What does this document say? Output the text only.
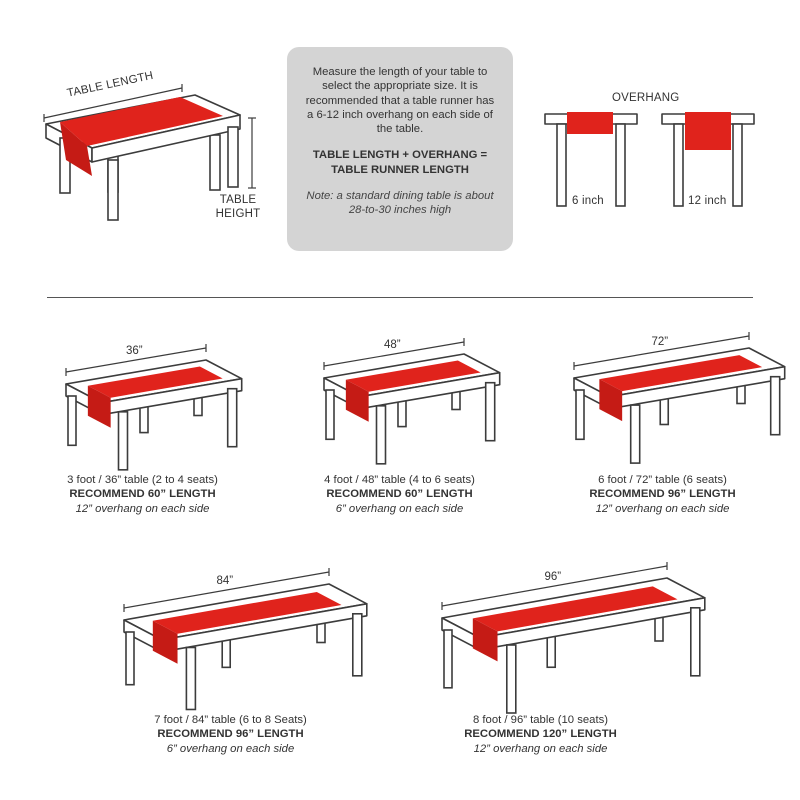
TABLE LENGTH
TABLE
HEIGHT
Measure the length of your table to select the appropriate size. It is recommended that a table runner has a 6-12 inch overhang on each side of the table.
TABLE LENGTH + OVERHANG =
TABLE RUNNER LENGTH
Note: a standard dining table is about 28-to-30 inches high
OVERHANG
6 inch	12 inch
36”	48”	72”
84”	96”
3 foot / 36” table (2 to 4 seats)
RECOMMEND 60” LENGTH
12” overhang on each side
4 foot / 48” table (4 to 6 seats)
RECOMMEND 60” LENGTH
6” overhang on each side
6 foot / 72” table (6 seats)
RECOMMEND 96” LENGTH
12” overhang on each side
7 foot / 84” table (6 to 8 Seats)
RECOMMEND 96” LENGTH
6” overhang on each side
8 foot / 96” table (10 seats)
RECOMMEND 120” LENGTH
12” overhang on each side
